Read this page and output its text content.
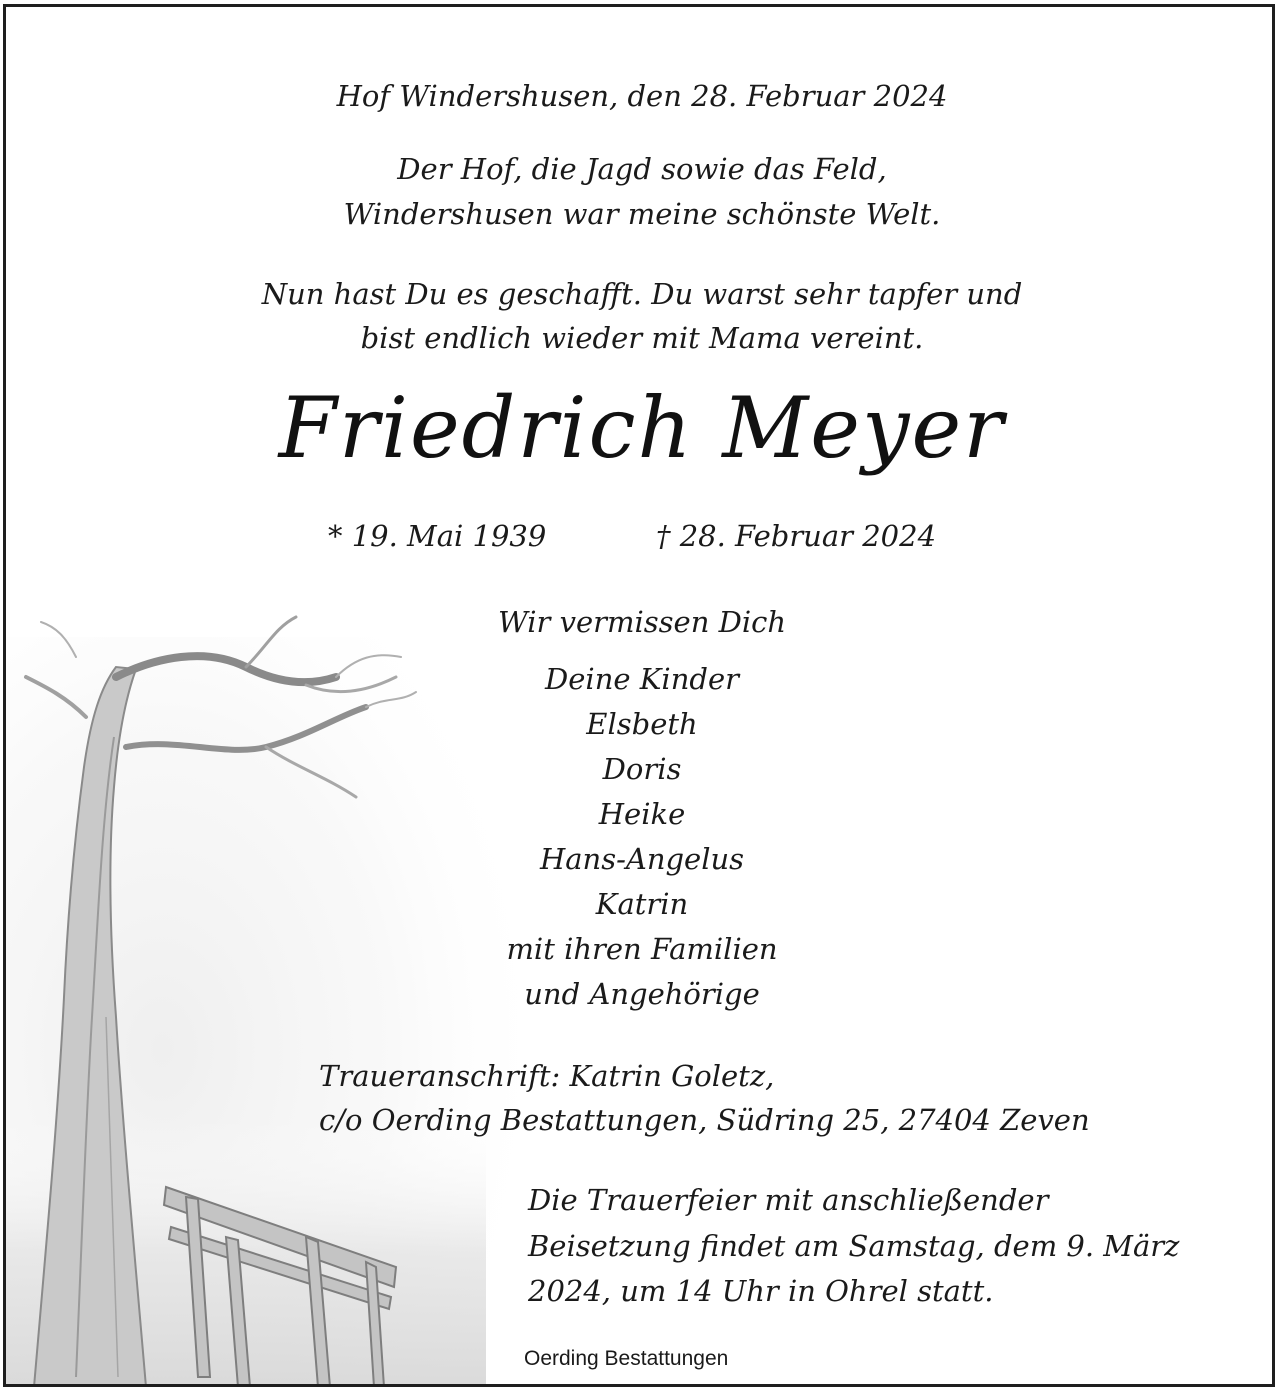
Hof Windershusen, den 28. Februar 2024
Der Hof, die Jagd sowie das Feld,
Windershusen war meine schönste Welt.
Nun hast Du es geschafft. Du warst sehr tapfer und
bist endlich wieder mit Mama vereint.
Friedrich Meyer
* 19. Mai 1939	† 28. Februar 2024
Wir vermissen Dich
Deine Kinder
Elsbeth
Doris
Heike
Hans-Angelus
Katrin
mit ihren Familien
und Angehörige
Traueranschrift: Katrin Goletz,
c/o Oerding Bestattungen, Südring 25, 27404 Zeven
Die Trauerfeier mit anschließender
Beisetzung findet am Samstag, dem 9. März
2024, um 14 Uhr in Ohrel statt.
Oerding Bestattungen
